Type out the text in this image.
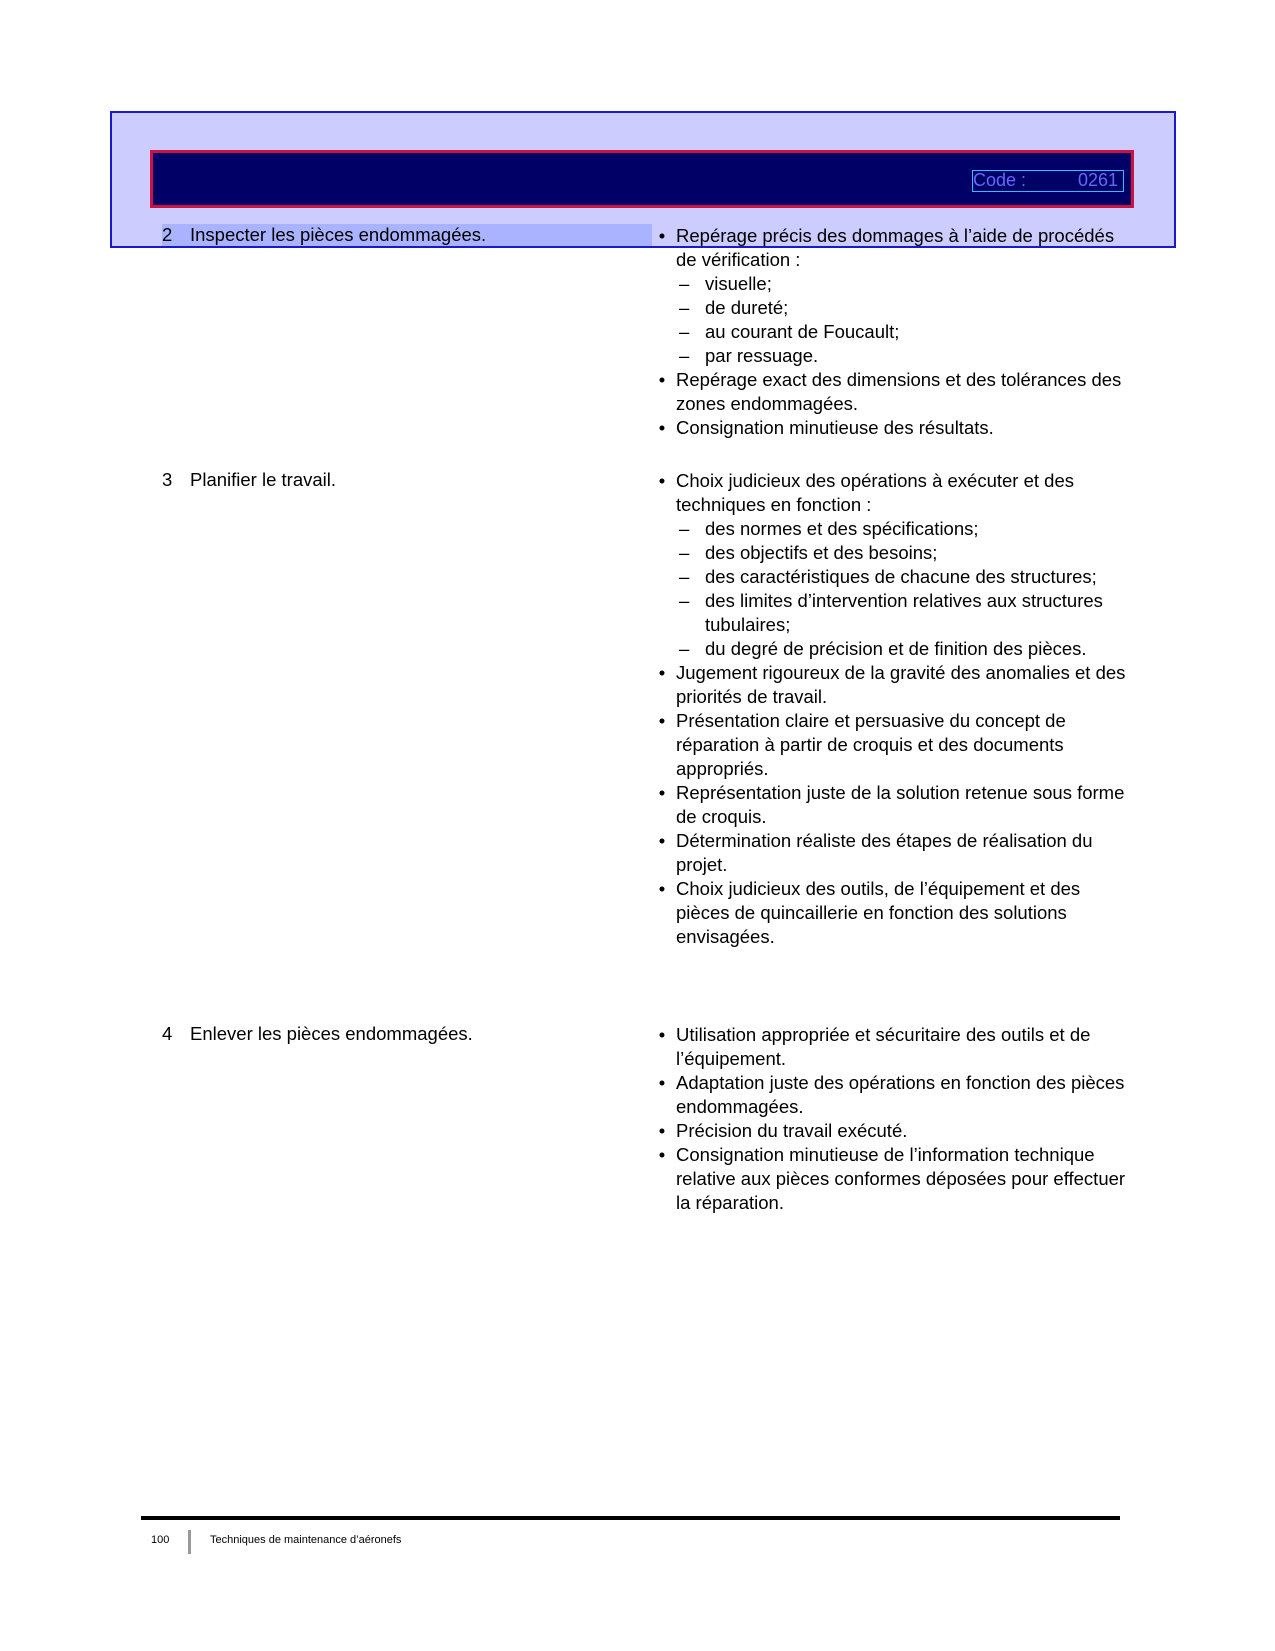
Code :	0261
2 Inspecter les pièces endommagées.	• Repérage précis des dommages à l’aide de procédés de vérification :
– visuelle;
– de dureté;
– au courant de Foucault;
– par ressuage.
• Repérage exact des dimensions et des tolérances des zones endommagées.
• Consignation minutieuse des résultats.
3 Planifier le travail.	• Choix judicieux des opérations à exécuter et des techniques en fonction :
– des normes et des spécifications;
– des objectifs et des besoins;
– des caractéristiques de chacune des structures;
– des limites d’intervention relatives aux structures tubulaires;
– du degré de précision et de finition des pièces.
• Jugement rigoureux de la gravité des anomalies et des priorités de travail.
• Présentation claire et persuasive du concept de réparation à partir de croquis et des documents appropriés.
• Représentation juste de la solution retenue sous forme de croquis.
• Détermination réaliste des étapes de réalisation du projet.
• Choix judicieux des outils, de l’équipement et des pièces de quincaillerie en fonction des solutions envisagées.
4 Enlever les pièces endommagées.	• Utilisation appropriée et sécuritaire des outils et de l’équipement.
• Adaptation juste des opérations en fonction des pièces endommagées.
• Précision du travail exécuté.
• Consignation minutieuse de l’information technique relative aux pièces conformes déposées pour effectuer la réparation.
100	Techniques de maintenance d’aéronefs
